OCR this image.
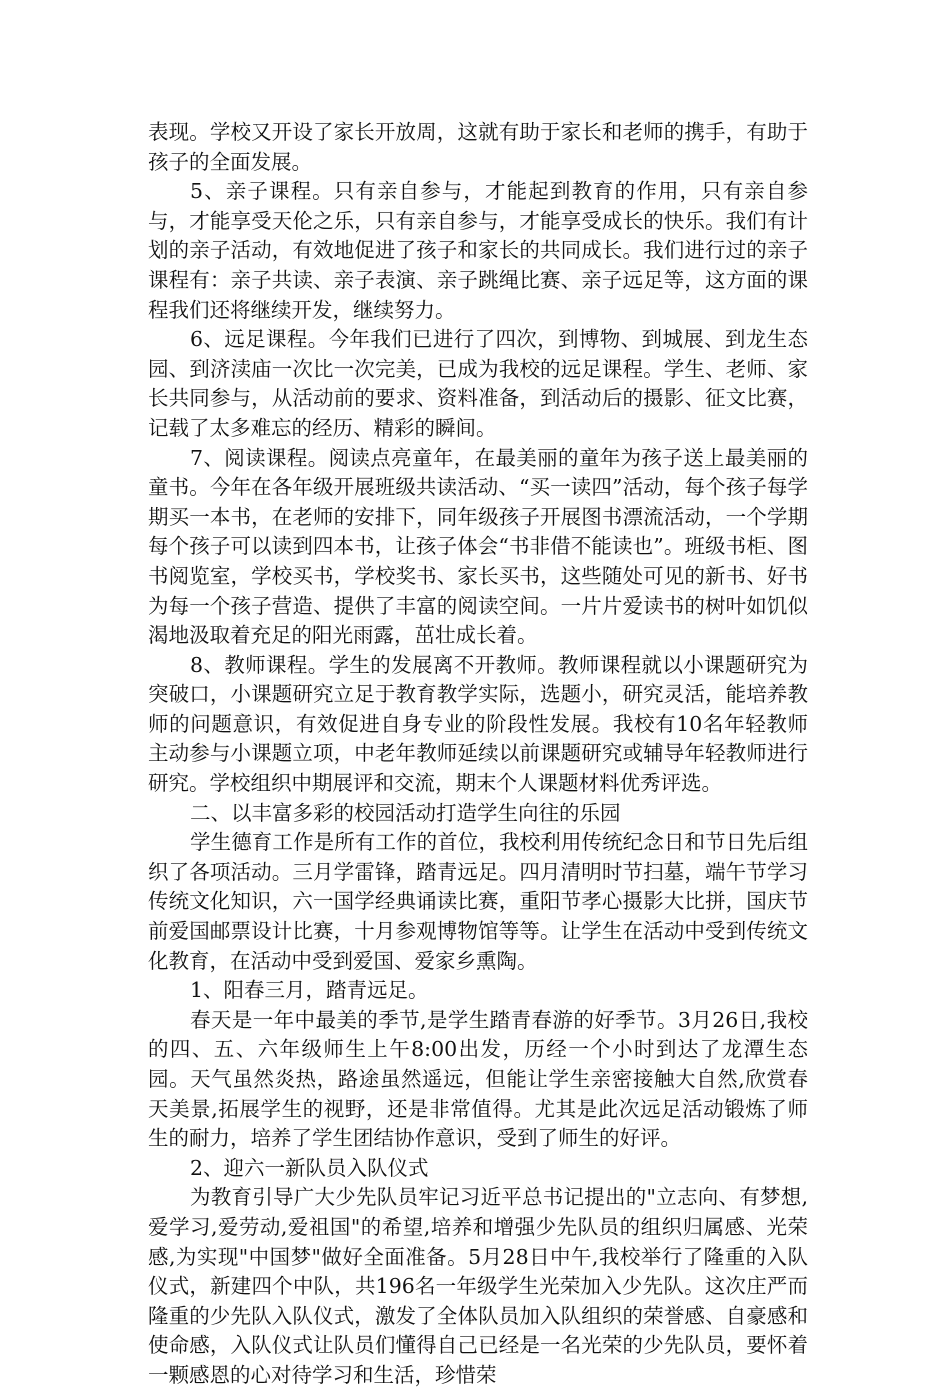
表现。学校又开设了家长开放周，这就有助于家长和老师的携手，有助于孩子的全面发展。

5、亲子课程。只有亲自参与，才能起到教育的作用，只有亲自参与，才能享受天伦之乐，只有亲自参与，才能享受成长的快乐。我们有计划的亲子活动，有效地促进了孩子和家长的共同成长。我们进行过的亲子课程有：亲子共读、亲子表演、亲子跳绳比赛、亲子远足等，这方面的课程我们还将继续开发，继续努力。

6、远足课程。今年我们已进行了四次，到博物、到城展、到龙生态园、到济渎庙一次比一次完美，已成为我校的远足课程。学生、老师、家长共同参与，从活动前的要求、资料准备，到活动后的摄影、征文比赛，记载了太多难忘的经历、精彩的瞬间。

7、阅读课程。阅读点亮童年，在最美丽的童年为孩子送上最美丽的童书。今年在各年级开展班级共读活动、“买一读四”活动，每个孩子每学期买一本书，在老师的安排下，同年级孩子开展图书漂流活动，一个学期每个孩子可以读到四本书，让孩子体会“书非借不能读也”。班级书柜、图书阅览室，学校买书，学校奖书、家长买书，这些随处可见的新书、好书为每一个孩子营造、提供了丰富的阅读空间。一片片爱读书的树叶如饥似渴地汲取着充足的阳光雨露，茁壮成长着。

8、教师课程。学生的发展离不开教师。教师课程就以小课题研究为突破口，小课题研究立足于教育教学实际，选题小，研究灵活，能培养教师的问题意识，有效促进自身专业的阶段性发展。我校有10名年轻教师主动参与小课题立项，中老年教师延续以前课题研究或辅导年轻教师进行研究。学校组织中期展评和交流，期末个人课题材料优秀评选。

二、以丰富多彩的校园活动打造学生向往的乐园

学生德育工作是所有工作的首位，我校利用传统纪念日和节日先后组织了各项活动。三月学雷锋，踏青远足。四月清明时节扫墓，端午节学习传统文化知识，六一国学经典诵读比赛，重阳节孝心摄影大比拼，国庆节前爱国邮票设计比赛，十月参观博物馆等等。让学生在活动中受到传统文化教育，在活动中受到爱国、爱家乡熏陶。

1、阳春三月，踏青远足。

春天是一年中最美的季节,是学生踏青春游的好季节。3月26日,我校的四、五、六年级师生上午8:00出发，历经一个小时到达了龙潭生态园。天气虽然炎热，路途虽然遥远，但能让学生亲密接触大自然,欣赏春天美景,拓展学生的视野，还是非常值得。尤其是此次远足活动锻炼了师生的耐力，培养了学生团结协作意识，受到了师生的好评。

2、迎六一新队员入队仪式

为教育引导广大少先队员牢记习近平总书记提出的"立志向、有梦想,爱学习,爱劳动,爱祖国"的希望,培养和增强少先队员的组织归属感、光荣感,为实现"中国梦"做好全面准备。5月28日中午,我校举行了隆重的入队仪式，新建四个中队，共196名一年级学生光荣加入少先队。这次庄严而隆重的少先队入队仪式，激发了全体队员加入队组织的荣誉感、自豪感和使命感，入队仪式让队员们懂得自己已经是一名光荣的少先队员，要怀着一颗感恩的心对待学习和生活，珍惜荣
